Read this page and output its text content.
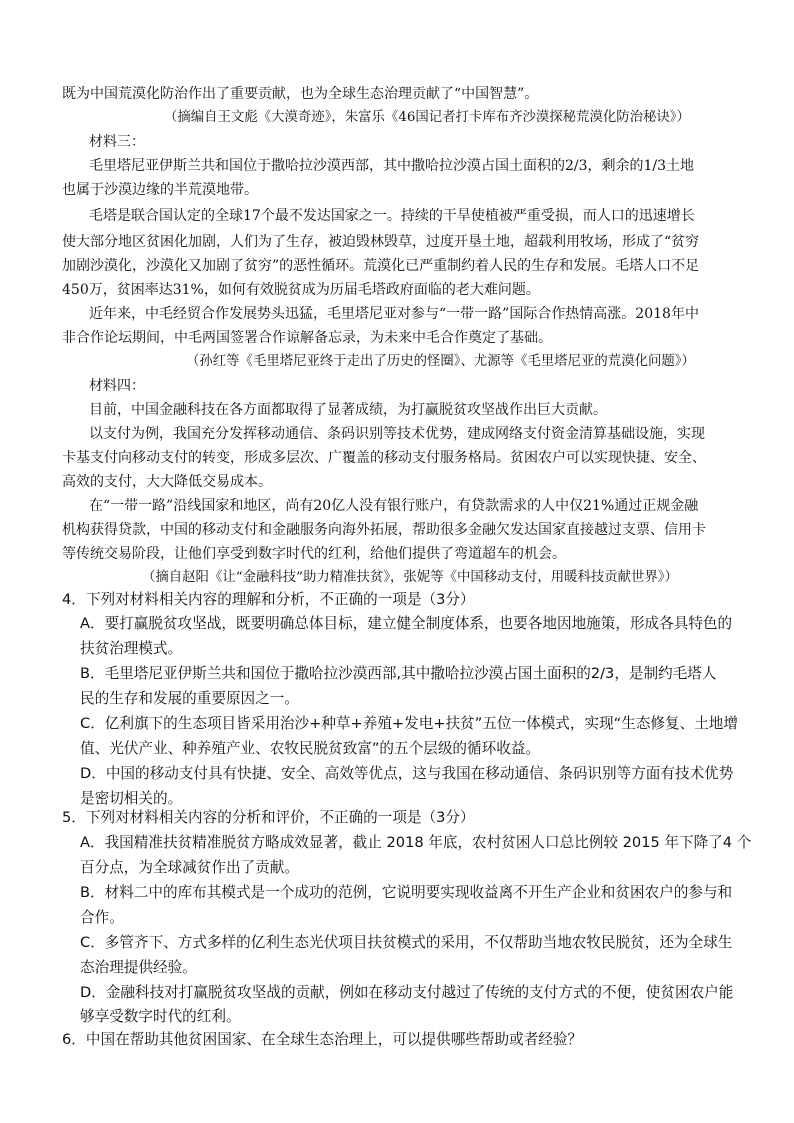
既为中国荒漠化防治作出了重要贡献，也为全球生态治理贡献了“中国智慧”。
（摘编自王文彪《大漠奇迹》，朱富乐《46国记者打卡库布齐沙漠探秘荒漠化防治秘诀》）
材料三：
毛里塔尼亚伊斯兰共和国位于撒哈拉沙漠西部，其中撒哈拉沙漠占国土面积的2/3，剩余的1/3土地
也属于沙漠边缘的半荒漠地带。
毛塔是联合国认定的全球17个最不发达国家之一。持续的干旱使植被严重受损，而人口的迅速增长
使大部分地区贫困化加剧，人们为了生存，被迫毁林毁草，过度开垦土地，超载利用牧场，形成了“贫穷
加剧沙漠化，沙漠化又加剧了贫穷”的恶性循环。荒漠化已严重制约着人民的生存和发展。毛塔人口不足
450万，贫困率达31%，如何有效脱贫成为历届毛塔政府面临的老大难问题。
近年来，中毛经贸合作发展势头迅猛，毛里塔尼亚对参与“一带一路”国际合作热情高涨。2018年中
非合作论坛期间，中毛两国签署合作谅解备忘录，为未来中毛合作奠定了基础。
（孙红等《毛里塔尼亚终于走出了历史的怪圈》、尤源等《毛里塔尼亚的荒漠化问题》）
材料四：
目前，中国金融科技在各方面都取得了显著成绩，为打赢脱贫攻坚战作出巨大贡献。
以支付为例，我国充分发挥移动通信、条码识别等技术优势，建成网络支付资金清算基础设施，实现
卡基支付向移动支付的转变，形成多层次、广覆盖的移动支付服务格局。贫困农户可以实现快捷、安全、
高效的支付，大大降低交易成本。
在“一带一路”沿线国家和地区，尚有20亿人没有银行账户，有贷款需求的人中仅21%通过正规金融
机构获得贷款，中国的移动支付和金融服务向海外拓展，帮助很多金融欠发达国家直接越过支票、信用卡
等传统交易阶段，让他们享受到数字时代的红利，给他们提供了弯道超车的机会。
（摘自赵阳《让“金融科技”助力精准扶贫》，张妮等《中国移动支付，用暖科技贡献世界》）
4．下列对材料相关内容的理解和分析，不正确的一项是（3分）
A．要打赢脱贫攻坚战，既要明确总体目标，建立健全制度体系，也要各地因地施策，形成各具特色的
扶贫治理模式。
B．毛里塔尼亚伊斯兰共和国位于撒哈拉沙漠西部,其中撒哈拉沙漠占国土面积的2/3，是制约毛塔人
民的生存和发展的重要原因之一。
C．亿利旗下的生态项目皆采用治沙+种草+养殖+发电+扶贫”五位一体模式，实现“生态修复、土地增
值、光伏产业、种养殖产业、农牧民脱贫致富”的五个层级的循环收益。
D．中国的移动支付具有快捷、安全、高效等优点，这与我国在移动通信、条码识别等方面有技术优势
是密切相关的。
5．下列对材料相关内容的分析和评价，不正确的一项是（3分）
A．我国精准扶贫精准脱贫方略成效显著，截止 2018 年底，农村贫困人口总比例较 2015 年下降了4 个
百分点，为全球减贫作出了贡献。
B．材料二中的库布其模式是一个成功的范例，它说明要实现收益离不开生产企业和贫困农户的参与和
合作。
C．多管齐下、方式多样的亿利生态光伏项目扶贫模式的采用，不仅帮助当地农牧民脱贫，还为全球生
态治理提供经验。
D．金融科技对打赢脱贫攻坚战的贡献，例如在移动支付越过了传统的支付方式的不便，使贫困农户能
够享受数字时代的红利。
6．中国在帮助其他贫困国家、在全球生态治理上，可以提供哪些帮助或者经验？
